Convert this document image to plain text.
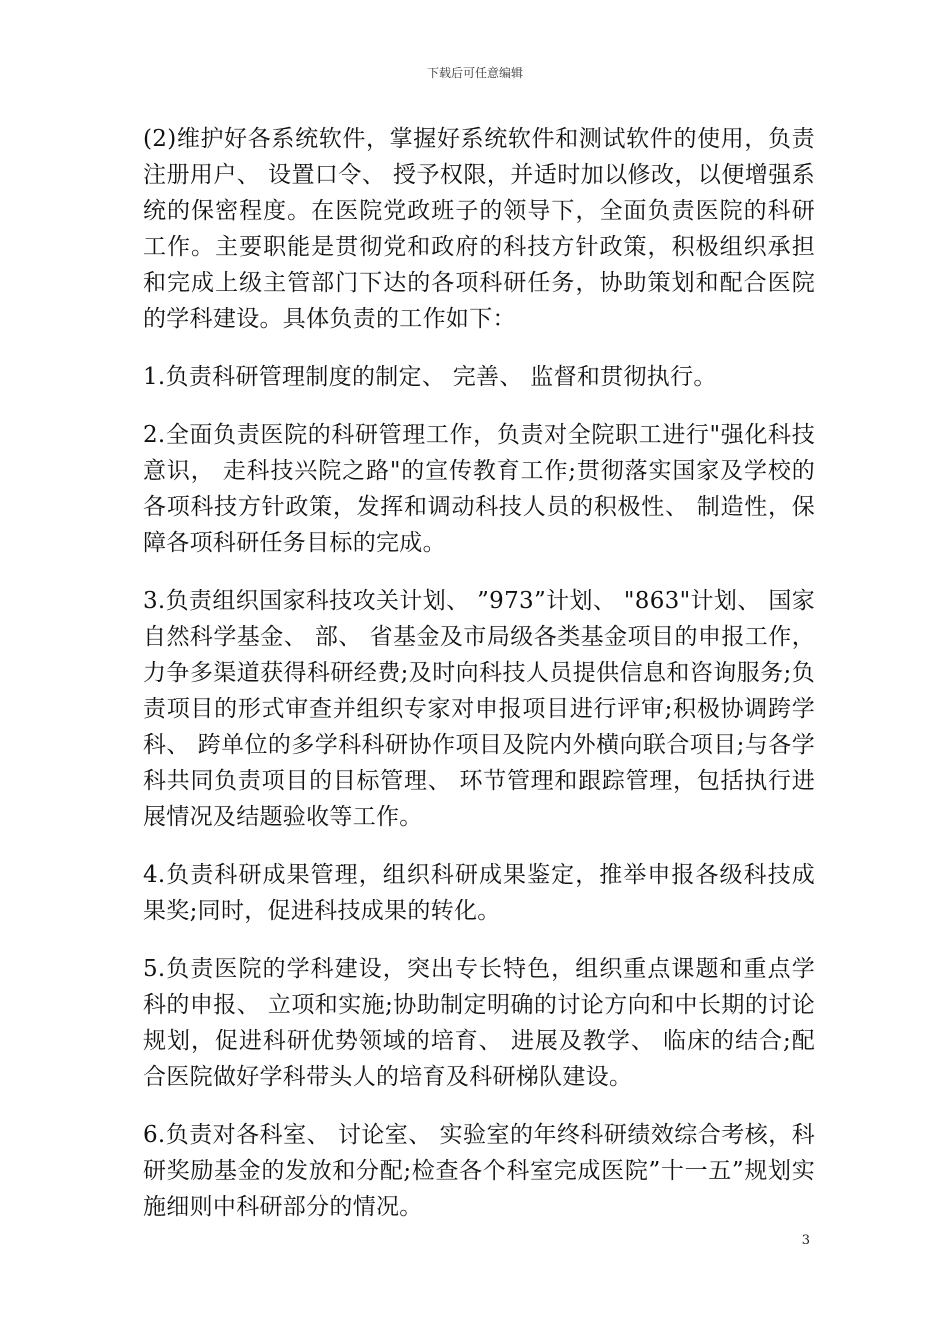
下载后可任意编辑

(2)维护好各系统软件，掌握好系统软件和测试软件的使用，负责注册用户、 设置口令、 授予权限，并适时加以修改，以便增强系统的保密程度。在医院党政班子的领导下，全面负责医院的科研工作。主要职能是贯彻党和政府的科技方针政策，积极组织承担和完成上级主管部门下达的各项科研任务，协助策划和配合医院的学科建设。具体负责的工作如下：

1.负责科研管理制度的制定、 完善、 监督和贯彻执行。

2.全面负责医院的科研管理工作，负责对全院职工进行"强化科技意识， 走科技兴院之路"的宣传教育工作;贯彻落实国家及学校的各项科技方针政策，发挥和调动科技人员的积极性、 制造性，保障各项科研任务目标的完成。

3.负责组织国家科技攻关计划、 ”973”计划、 "863"计划、 国家自然科学基金、 部、 省基金及市局级各类基金项目的申报工作，力争多渠道获得科研经费;及时向科技人员提供信息和咨询服务;负责项目的形式审查并组织专家对申报项目进行评审;积极协调跨学科、 跨单位的多学科科研协作项目及院内外横向联合项目;与各学科共同负责项目的目标管理、 环节管理和跟踪管理，包括执行进展情况及结题验收等工作。

4.负责科研成果管理，组织科研成果鉴定，推举申报各级科技成果奖;同时，促进科技成果的转化。

5.负责医院的学科建设，突出专长特色，组织重点课题和重点学科的申报、 立项和实施;协助制定明确的讨论方向和中长期的讨论规划，促进科研优势领域的培育、 进展及教学、 临床的结合;配合医院做好学科带头人的培育及科研梯队建设。

6.负责对各科室、 讨论室、 实验室的年终科研绩效综合考核，科研奖励基金的发放和分配;检查各个科室完成医院”十一五”规划实施细则中科研部分的情况。

3
